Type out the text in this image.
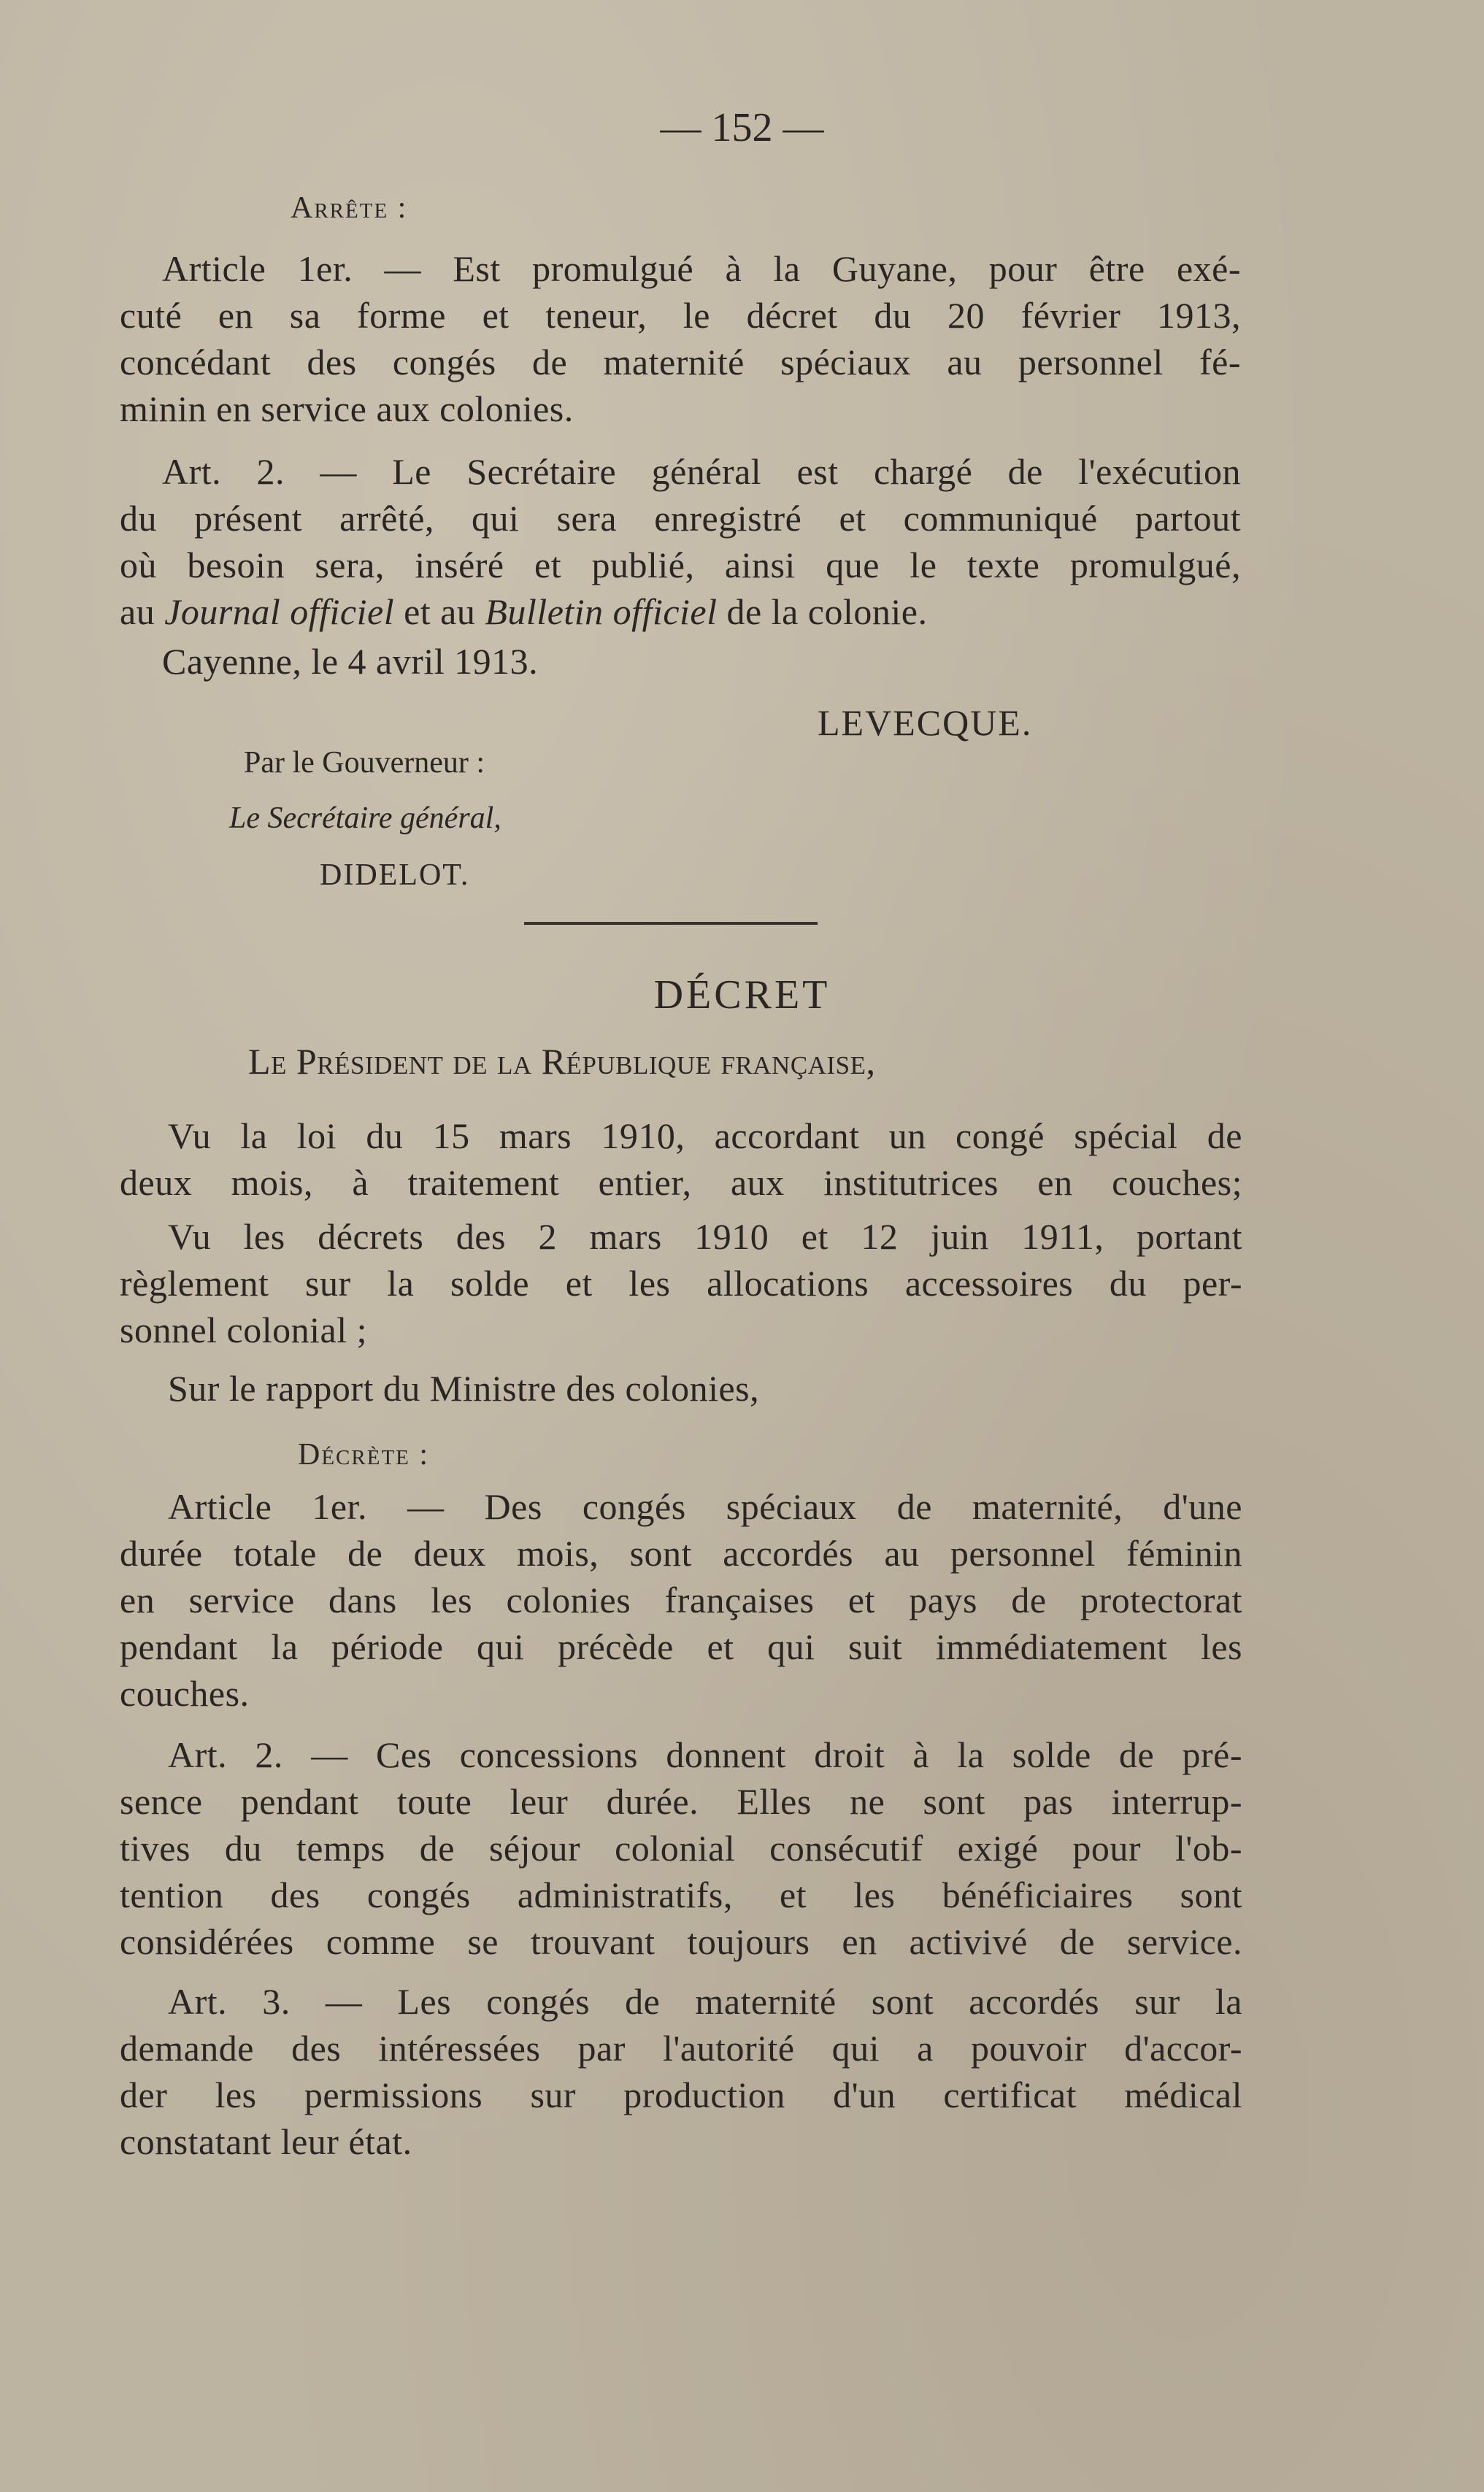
— 152 —
Arrête :
Article 1er. — Est promulgué à la Guyane, pour être exé-
cuté en sa forme et teneur, le décret du 20 février 1913,
concédant des congés de maternité spéciaux au personnel fé-
minin en service aux colonies.
Art. 2. — Le Secrétaire général est chargé de l'exécution
du présent arrêté, qui sera enregistré et communiqué partout
où besoin sera, inséré et publié, ainsi que le texte promulgué,
au Journal officiel et au Bulletin officiel de la colonie.
Cayenne, le 4 avril 1913.
LEVECQUE.
Par le Gouverneur :
Le Secrétaire général,
DIDELOT.
DÉCRET
Le Président de la République française,
Vu la loi du 15 mars 1910, accordant un congé spécial de
deux mois, à traitement entier, aux institutrices en couches;
Vu les décrets des 2 mars 1910 et 12 juin 1911, portant
règlement sur la solde et les allocations accessoires du per-
sonnel colonial ;
Sur le rapport du Ministre des colonies,
Décrète :
Article 1er. — Des congés spéciaux de maternité, d'une
durée totale de deux mois, sont accordés au personnel féminin
en service dans les colonies françaises et pays de protectorat
pendant la période qui précède et qui suit immédiatement les
couches.
Art. 2. — Ces concessions donnent droit à la solde de pré-
sence pendant toute leur durée. Elles ne sont pas interrup-
tives du temps de séjour colonial consécutif exigé pour l'ob-
tention des congés administratifs, et les bénéficiaires sont
considérées comme se trouvant toujours en activivé de service.
Art. 3. — Les congés de maternité sont accordés sur la
demande des intéressées par l'autorité qui a pouvoir d'accor-
der les permissions sur production d'un certificat médical
constatant leur état.
